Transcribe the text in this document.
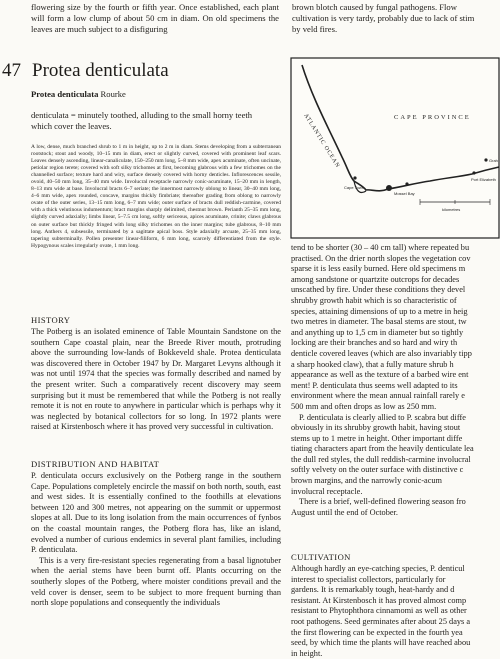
flowering size by the fourth or fifth year. Once established, each plant will form a low clump of about 50 cm in diam. On old specimens the leaves are much subject to a disfiguring
brown blotch caused by fungal pathogens. Flow
cultivation is very tardy, probably due to lack of stim
by veld fires.
47 Protea denticulata
Protea denticulata Rourke
denticulata = minutely toothed, alluding to the small horny teeth which cover the leaves.
A low, dense, much branched shrub to 1 m in height, up to 2 m in diam. Stems developing from a subterranean rootstock; stout and woody, 10–15 mm in diam, erect or slightly curved, covered with prominent leaf scars. Leaves densely ascending, linear-canaliculate, 150–250 mm long, 5–8 mm wide, apex acuminate, often uncinate, petiolar region terete; covered with soft silky trichomes at first, becoming glabrous with a few trichomes on the channelled surface; texture hard and wiry, surface densely covered with horny denticles. Inflorescences sessile, ovoid, 40–50 mm long, 35–40 mm wide. Involucral receptacle narrowly conic-acuminate, 15–20 mm in length, 8–13 mm wide at base. Involucral bracts 6–7 seriate; the innermost narrowly oblong to linear, 30–40 mm long, 4–6 mm wide, apex rounded, concave, margins thickly fimbriate; thereafter grading from oblong to narrowly ovate of the outer series, 13–15 mm long, 6–7 mm wide; outer surface of bracts dull reddish-carmine, covered with a thick velutinous indumentum; bract margins sharply delimited, chestnut brown. Perianth 25–35 mm long, slightly curved adaxially; limbs linear, 5–7.5 cm long, softly sericeous, apices acuminate, crinite; claws glabrous on outer surface but thickly fringed with long silky trichomes on the inner margins; tube glabrous, 8–10 mm long. Anthers 4, subsessile, terminated by a sagittate apical boss. Style adaxially arcuate, 25–35 mm long, tapering subterminally. Pollen presenter linear-filiform, 6 mm long, scarcely differentiated from the style. Hypogynous scales irregularly ovate, 1 mm long.
HISTORY
The Potberg is an isolated eminence of Table Mountain Sandstone on the southern Cape coastal plain, near the Breede River mouth, protruding above the surrounding low-lands of Bokkeveld shale. Protea denticulata was discovered there in October 1947 by Dr. Margaret Levyns although it was not until 1974 that the species was formally described and named by the present writer. Such a comparatively recent discovery may seem surprising but it must be remembered that while the Potberg is not really remote it is not en route to anywhere in particular which is perhaps why it was neglected by botanical collectors for so long. In 1972 plants were raised at Kirstenbosch where it has proved very successful in cultivation.
DISTRIBUTION AND HABITAT

P. denticulata occurs exclusively on the Potberg range in the southern Cape. Populations completely encircle the massif on both north, south, east and west sides. It is essentially confined to the foothills at elevations between 120 and 300 metres, not appearing on the summit or uppermost slopes at all. Due to its long isolation from the main occurrences of fynbos on the coastal mountain ranges, the Potberg flora has, like an island, evolved a number of curious endemics in several plant families, including P. denticulata.

This is a very fire-resistant species regenerating from a basal lignotuber when the aerial stems have been burnt off. Plants occurring on the southerly slopes of the Potberg, where moister conditions prevail and the veld cover is denser, seem to be subject to more frequent burning than north slope populations and consequently the individuals

ATLANTIC OCEAN	CAPE PROVINCE
Cape Town
Mossel Bay
Port Elizabeth
Grah
kilometres
tend to be shorter (30 – 40 cm tall) where repeated bu
practised. On the drier north slopes the vegetation cov
sparse it is less easily burned. Here old specimens m
among sandstone or quartzite outcrops for decades
unscathed by fire. Under these conditions they devel
shrubby growth habit which is so characteristic of
species, attaining dimensions of up to a metre in heig
two metres in diameter. The basal stems are stout, tw
and anything up to 1,5 cm in diameter but so tightly
locking are their branches and so hard and wiry th
denticle covered leaves (which are also invariably tipp
a sharp hooked claw), that a fully mature shrub h
appearance as well as the texture of a barbed wire ent
ment! P. denticulata thus seems well adapted to its
environment where the mean annual rainfall rarely e
500 mm and often drops as low as 250 mm.
P. denticulata is clearly allied to P. scabra but diffe
obviously in its shrubby growth habit, having stout
stems up to 1 metre in height. Other important diffe
tiating characters apart from the heavily denticulate lea
the dull red styles, the dull reddish-carmine involucral
softly velvety on the outer surface with distinctive c
brown margins, and the narrowly conic-acum
involucral receptacle.
There is a brief, well-defined flowering season fro
August until the end of October.
CULTIVATION
Although hardly an eye-catching species, P. denticul
interest to specialist collectors, particularly for
gardens. It is remarkably tough, heat-hardy and d
resistant. At Kirstenbosch it has proved almost comp
resistant to Phytophthora cinnamomi as well as other
root pathogens. Seed germinates after about 25 days a
the first flowering can be expected in the fourth yea
seed, by which time the plants will have reached abou
in height.
